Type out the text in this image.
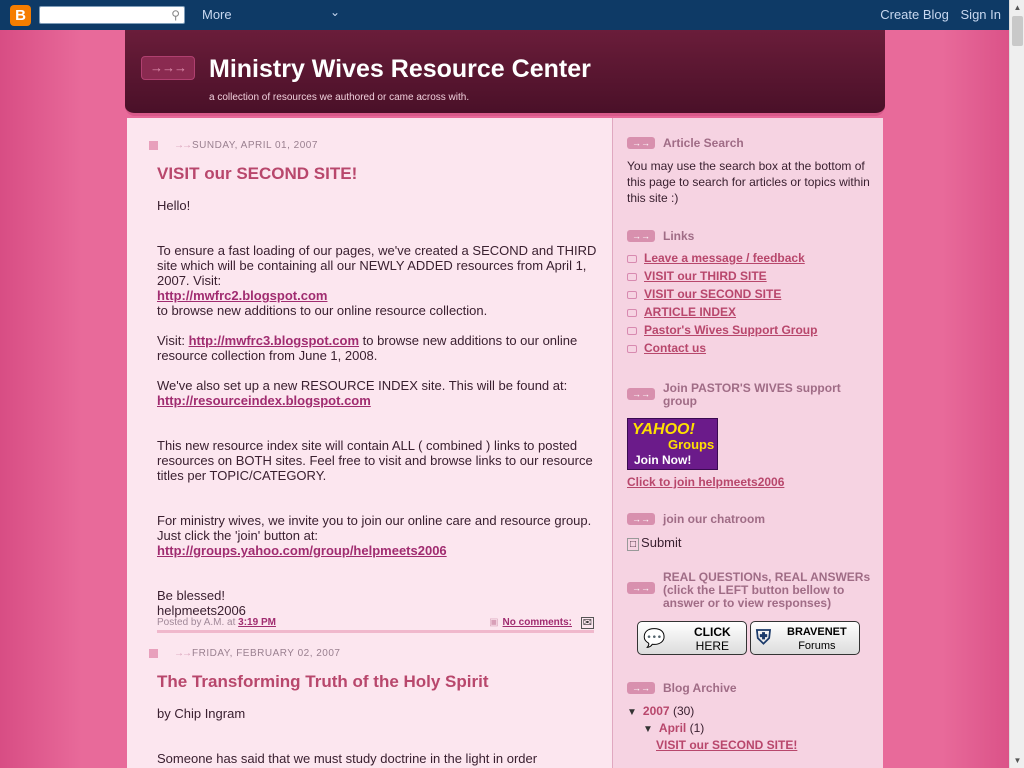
B	⚲ More	⌄	Create Blog Sign In
→→→ Ministry Wives Resource Center
a collection of resources we authored or came across with.
→→ SUNDAY, APRIL 01, 2007
VISIT our SECOND SITE!
Hello!
To ensure a fast loading of our pages, we've created a SECOND and THIRD site which will be containing all our NEWLY ADDED resources from April 1, 2007. Visit:
http://mwfrc2.blogspot.com
to browse new additions to our online resource collection.
Visit: http://mwfrc3.blogspot.com to browse new additions to our online resource collection from June 1, 2008.
We've also set up a new RESOURCE INDEX site. This will be found at:
http://resourceindex.blogspot.com
This new resource index site will contain ALL ( combined ) links to posted resources on BOTH sites. Feel free to visit and browse links to our resource titles per TOPIC/CATEGORY.
For ministry wives, we invite you to join our online care and resource group. Just click the 'join' button at:
http://groups.yahoo.com/group/helpmeets2006
Be blessed!
helpmeets2006
Posted by A.M. at 3:19 PM	▣ No comments: ✉
→→ FRIDAY, FEBRUARY 02, 2007
The Transforming Truth of the Holy Spirit
by Chip Ingram
Someone has said that we must study doctrine in the light in order
→→ Article Search
You may use the search box at the bottom of this page to search for articles or topics within this site :)
→→ Links
Leave a message / feedback
VISIT our THIRD SITE
VISIT our SECOND SITE
ARTICLE INDEX
Pastor's Wives Support Group
Contact us
→→	Join PASTOR'S WIVES support group
YAHOO!
Groups
Join Now!
Click to join helpmeets2006
→→ join our chatroom
□ Submit
→→
REAL QUESTIONs, REAL ANSWERs (click the LEFT button bellow to answer or to view responses)
💬 CLICK
HERE ⛨ BRAVENET
Forums
→→ Blog Archive
▼ 2007 (30)
▼ April (1)
VISIT our SECOND SITE!
▲
▼
